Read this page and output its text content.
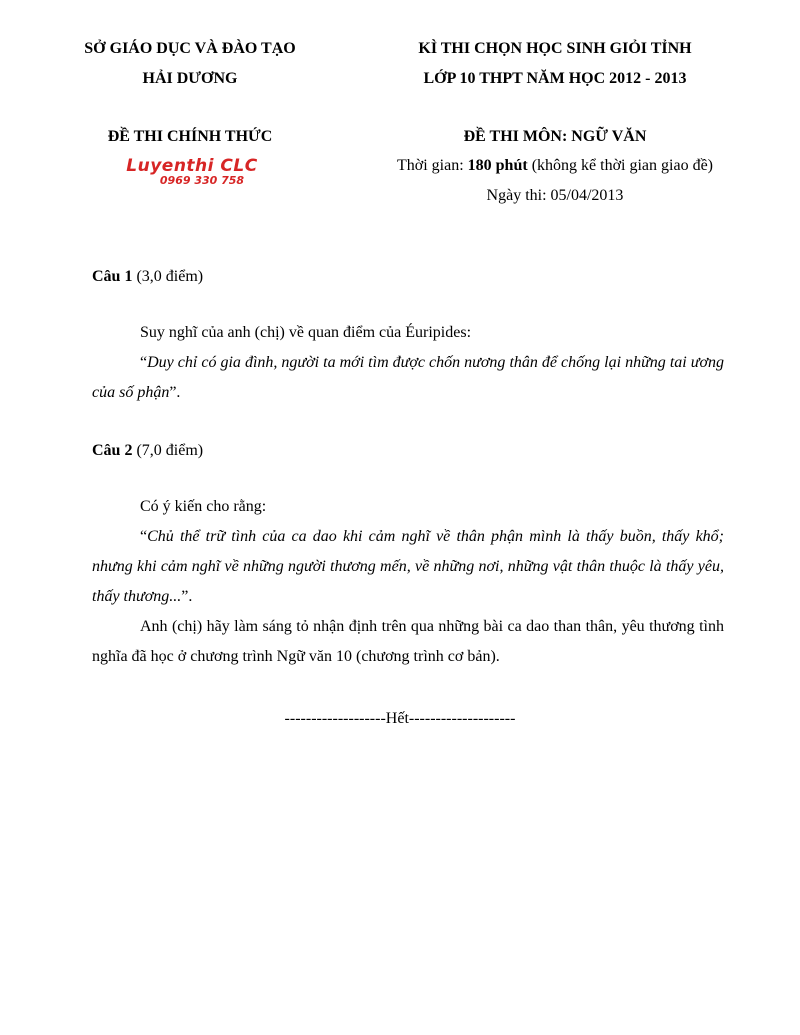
SỞ GIÁO DỤC VÀ ĐÀO TẠO
HẢI DƯƠNG
KÌ THI CHỌN HỌC SINH GIỎI TỈNH
LỚP 10 THPT NĂM HỌC 2012 - 2013
ĐỀ THI CHÍNH THỨC
Luyenthi CLC
0969 330 758
ĐỀ THI MÔN: NGỮ VĂN
Thời gian: 180 phút (không kể thời gian giao đề)
Ngày thi: 05/04/2013
Câu 1 (3,0 điểm)

Suy nghĩ của anh (chị) về quan điểm của Éuripides:

“Duy chỉ có gia đình, người ta mới tìm được chốn nương thân để chống lại những tai ương của số phận”.

Câu 2 (7,0 điểm)

Có ý kiến cho rằng:

“Chủ thể trữ tình của ca dao khi cảm nghĩ về thân phận mình là thấy buồn, thấy khổ; nhưng khi cảm nghĩ về những người thương mến, về những nơi, những vật thân thuộc là thấy yêu, thấy thương...”.

Anh (chị) hãy làm sáng tỏ nhận định trên qua những bài ca dao than thân, yêu thương tình nghĩa đã học ở chương trình Ngữ văn 10 (chương trình cơ bản).

-------------------Hết--------------------
